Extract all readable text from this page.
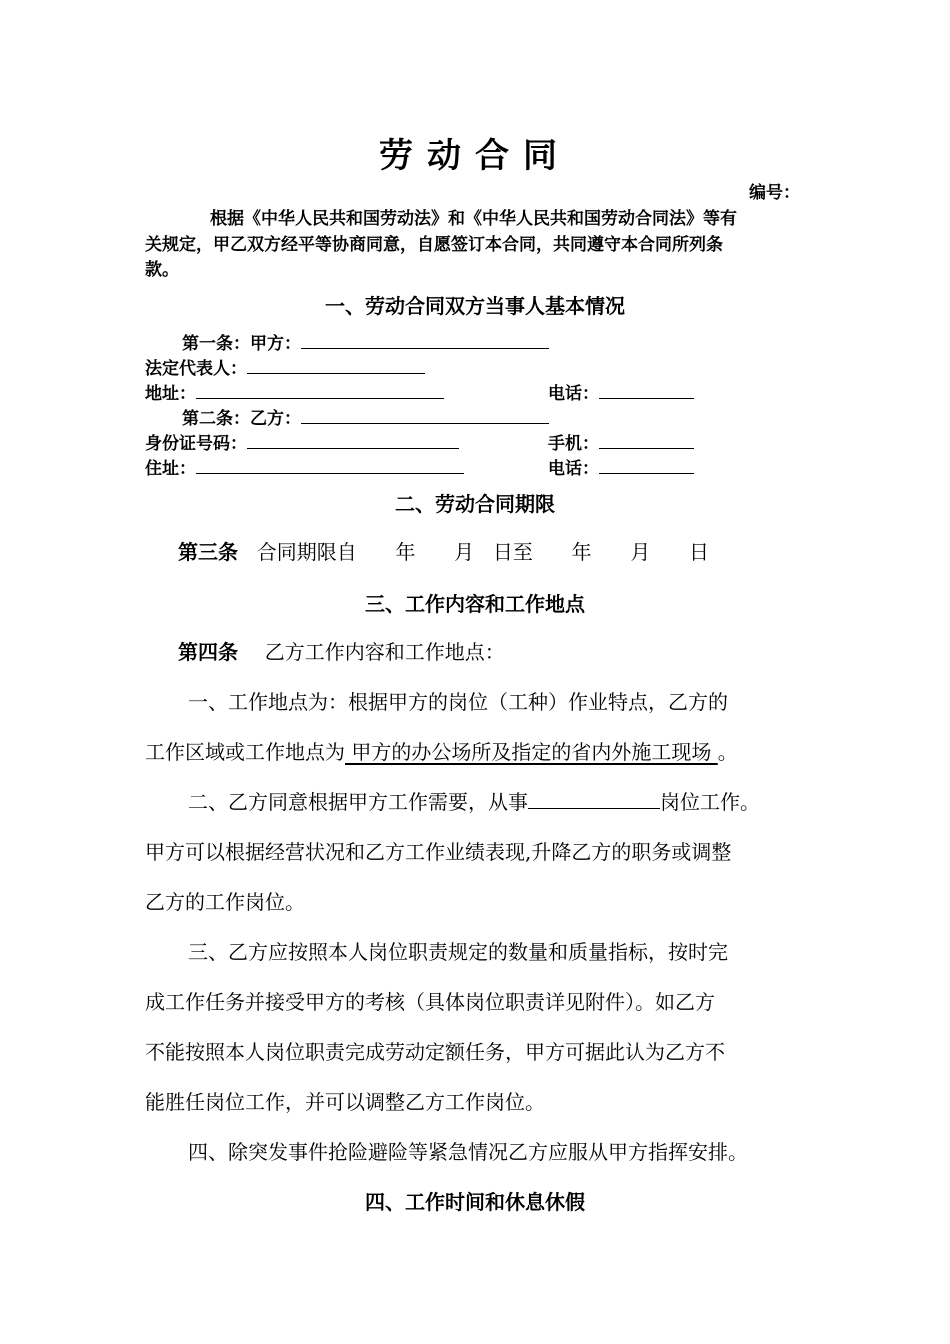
劳动合同
编号：
根据《中华人民共和国劳动法》和《中华人民共和国劳动合同法》等有
关规定，甲乙双方经平等协商同意，自愿签订本合同，共同遵守本合同所列条
款。
一、劳动合同双方当事人基本情况
第一条：甲方：
法定代表人：
地址：	电话：
第二条：乙方：
身份证号码：	手机：
住址：	电话：
二、劳动合同期限
第三条 合同期限自 年 月 日至 年 月 日
三、工作内容和工作地点
第四条 乙方工作内容和工作地点：
一、工作地点为：根据甲方的岗位（工种）作业特点，乙方的
工作区域或工作地点为 甲方的办公场所及指定的省内外施工现场 。
二、乙方同意根据甲方工作需要，从事	岗位工作。
甲方可以根据经营状况和乙方工作业绩表现,升降乙方的职务或调整
乙方的工作岗位。
三、乙方应按照本人岗位职责规定的数量和质量指标，按时完
成工作任务并接受甲方的考核（具体岗位职责详见附件）。如乙方
不能按照本人岗位职责完成劳动定额任务，甲方可据此认为乙方不
能胜任岗位工作，并可以调整乙方工作岗位。
四、除突发事件抢险避险等紧急情况乙方应服从甲方指挥安排。
四、工作时间和休息休假
